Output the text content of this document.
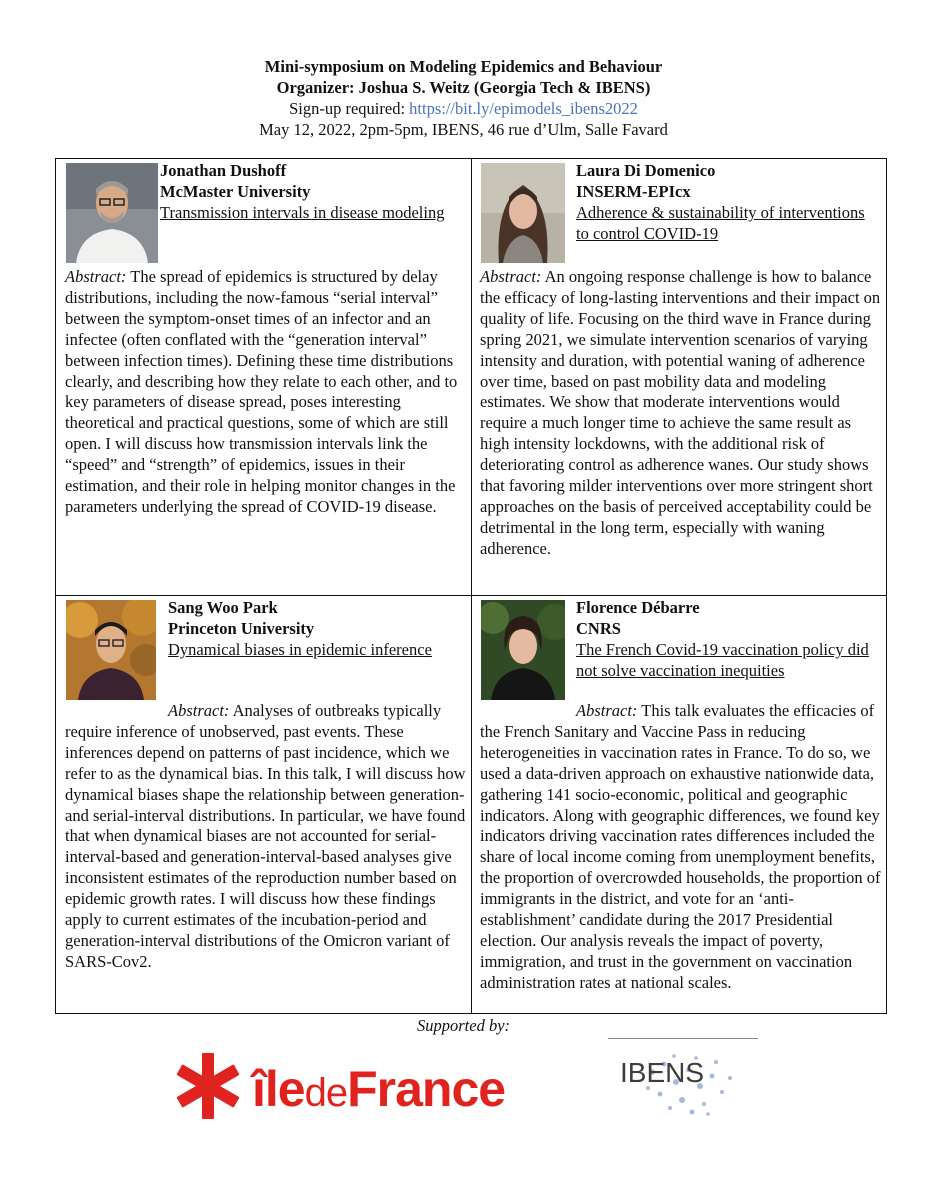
Mini-symposium on Modeling Epidemics and Behaviour
Organizer: Joshua S. Weitz (Georgia Tech & IBENS)
Sign-up required: https://bit.ly/epimodels_ibens2022
May 12, 2022, 2pm-5pm, IBENS, 46 rue d’Ulm, Salle Favard
Jonathan Dushoff
McMaster University
Transmission intervals in disease modeling
Abstract: The spread of epidemics is structured by delay distributions, including the now-famous “serial interval” between the symptom-onset times of an infector and an infectee (often conflated with the “generation interval” between infection times). Defining these time distributions clearly, and describing how they relate to each other, and to key parameters of disease spread, poses interesting theoretical and practical questions, some of which are still open. I will discuss how transmission intervals link the “speed” and “strength” of epidemics, issues in their estimation, and their role in helping monitor changes in the parameters underlying the spread of COVID-19 disease.
Laura Di Domenico
INSERM-EPIcx
Adherence & sustainability of interventions to control COVID-19
Abstract: An ongoing response challenge is how to balance the efficacy of long-lasting interventions and their impact on quality of life. Focusing on the third wave in France during spring 2021, we simulate intervention scenarios of varying intensity and duration, with potential waning of adherence over time, based on past mobility data and modeling estimates. We show that moderate interventions would require a much longer time to achieve the same result as high intensity lockdowns, with the additional risk of deteriorating control as adherence wanes. Our study shows that favoring milder interventions over more stringent short approaches on the basis of perceived acceptability could be detrimental in the long term, especially with waning adherence.
Sang Woo Park
Princeton University
Dynamical biases in epidemic inference
Abstract: Analyses of outbreaks typically require inference of unobserved, past events. These inferences depend on patterns of past incidence, which we refer to as the dynamical bias. In this talk, I will discuss how dynamical biases shape the relationship between generation- and serial-interval distributions. In particular, we have found that when dynamical biases are not accounted for serial-interval-based and generation-interval-based analyses give inconsistent estimates of the reproduction number based on epidemic growth rates. I will discuss how these findings apply to current estimates of the incubation-period and generation-interval distributions of the Omicron variant of SARS-Cov2.
Florence Débarre
CNRS
The French Covid-19 vaccination policy did not solve vaccination inequities
Abstract: This talk evaluates the efficacies of the French Sanitary and Vaccine Pass in reducing heterogeneities in vaccination rates in France. To do so, we used a data-driven approach on exhaustive nationwide data, gathering 141 socio-economic, political and geographic indicators. Along with geographic differences, we found key indicators driving vaccination rates differences included the share of local income coming from unemployment benefits, the proportion of overcrowded households, the proportion of immigrants in the district, and vote for an ‘anti-establishment’ candidate during the 2017 Presidential election. Our analysis reveals the impact of poverty, immigration, and trust in the government on vaccination administration rates at national scales.
Supported by:
îledeFrance	IBENS
